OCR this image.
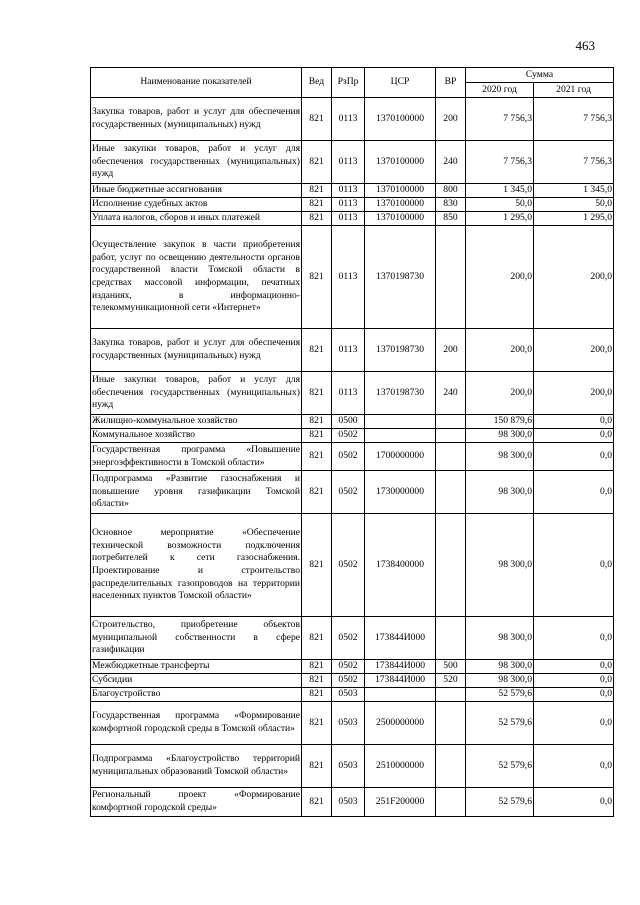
463
Наименование показателей	Вед	РзПр	ЦСР	ВР	Сумма	
					2020 год	2021 год
Закупка товаров, работ и услуг для обеспечения государственных (муниципальных) нужд	821	0113	1370100000	200	7 756,3	7 756,3
Иные закупки товаров, работ и услуг для обеспечения государственных (муниципальных) нужд	821	0113	1370100000	240	7 756,3	7 756,3
Иные бюджетные ассигнования	821	0113	1370100000	800	1 345,0	1 345,0
Исполнение судебных актов	821	0113	1370100000	830	50,0	50,0
Уплата налогов, сборов и иных платежей	821	0113	1370100000	850	1 295,0	1 295,0
Осуществление закупок в части приобретения работ, услуг по освещению деятельности органов государственной власти Томской области в средствах массовой информации, печатных изданиях, в информационно-телекоммуникационной сети «Интернет»	821	0113	1370198730		200,0	200,0
Закупка товаров, работ и услуг для обеспечения государственных (муниципальных) нужд	821	0113	1370198730	200	200,0	200,0
Иные закупки товаров, работ и услуг для обеспечения государственных (муниципальных) нужд	821	0113	1370198730	240	200,0	200,0
Жилищно-коммунальное хозяйство	821	0500			150 879,6	0,0
Коммунальное хозяйство	821	0502			98 300,0	0,0
Государственная программа «Повышение энергоэффективности в Томской области»	821	0502	1700000000		98 300,0	0,0
Подпрограмма «Развитие газоснабжения и повышение уровня газификации Томской области»	821	0502	1730000000		98 300,0	0,0
Основное мероприятие «Обеспечение технической возможности подключения потребителей к сети газоснабжения. Проектирование и строительство распределительных газопроводов на территории населенных пунктов Томской области»	821	0502	1738400000		98 300,0	0,0
Строительство, приобретение объектов муниципальной собственности в сфере газификации	821	0502	173844И000		98 300,0	0,0
Межбюджетные трансферты	821	0502	173844И000	500	98 300,0	0,0
Субсидии	821	0502	173844И000	520	98 300,0	0,0
Благоустройство	821	0503			52 579,6	0,0
Государственная программа «Формирование комфортной городской среды в Томской области»	821	0503	2500000000		52 579,6	0,0
Подпрограмма «Благоустройство территорий муниципальных образований Томской области»	821	0503	2510000000		52 579,6	0,0
Региональный проект «Формирование комфортной городской среды»	821	0503	251F200000		52 579,6	0,0
